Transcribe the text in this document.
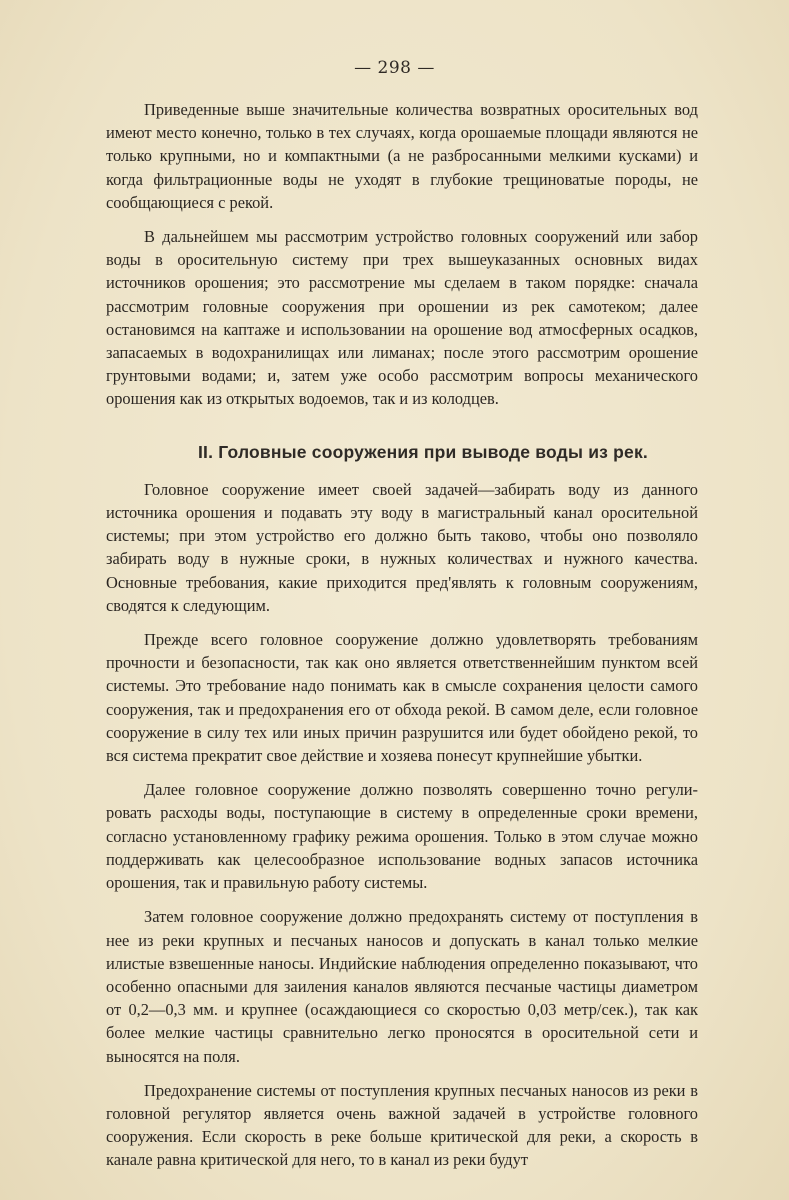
— 298 —

Приведенные выше значительные количества возвратных оросительных вод имеют место конечно, только в тех случаях, когда орошаемые площади являются не только крупными, но и компактными (а не разбросанными мелкими кусками) и когда фильтрационные воды не уходят в глубокие трещиноватые породы, не сообщающиеся с рекой.

В дальнейшем мы рассмотрим устройство головных сооружений или забор воды в оросительную систему при трех вышеуказанных основных видах источников орошения; это рассмотрение мы сделаем в таком порядке: сначала рассмотрим головные сооружения при орошении из рек самотеком; далее остановимся на каптаже и использовании на орошение вод атмосферных осадков, запасаемых в водохранилищах или лиманах; после этого рассмотрим орошение грунтовыми водами; и, затем уже особо рассмотрим вопросы механического орошения как из открытых водоемов, так и из колодцев.

II. Головные сооружения при выводе воды из рек.

Головное сооружение имеет своей задачей—забирать воду из данного источника орошения и подавать эту воду в магистральный канал оросительной системы; при этом устройство его должно быть таково, чтобы оно позволяло забирать воду в нужные сроки, в нужных количествах и нужного качества. Основные требования, какие приходится пред'являть к головным сооружениям, сводятся к следующим.

Прежде всего головное сооружение должно удовлетворять требованиям прочности и безопасности, так как оно является ответственнейшим пунктом всей системы. Это требование надо понимать как в смысле сохранения целости самого сооружения, так и предохранения его от обхода рекой. В самом деле, если головное сооружение в силу тех или иных причин разрушится или будет обойдено рекой, то вся система прекратит свое действие и хозяева понесут крупнейшие убытки.

Далее головное сооружение должно позволять совершенно точно регулировать расходы воды, поступающие в систему в определенные сроки времени, согласно установленному графику режима орошения. Только в этом случае можно поддерживать как целесообразное использование водных запасов источника орошения, так и правильную работу системы.

Затем головное сооружение должно предохранять систему от поступления в нее из реки крупных и песчаных наносов и допускать в канал только мелкие илистые взвешенные наносы. Индийские наблюдения определенно показывают, что особенно опасными для заиления каналов являются песчаные частицы диаметром от 0,2—0,3 мм. и крупнее (осаждающиеся со скоростью 0,03 метр/сек.), так как более мелкие частицы сравнительно легко проносятся в оросительной сети и выносятся на поля.

Предохранение системы от поступления крупных песчаных наносов из реки в головной регулятор является очень важной задачей в устройстве головного сооружения. Если скорость в реке больше критической для реки, а скорость в канале равна критической для него, то в канал из реки будут
